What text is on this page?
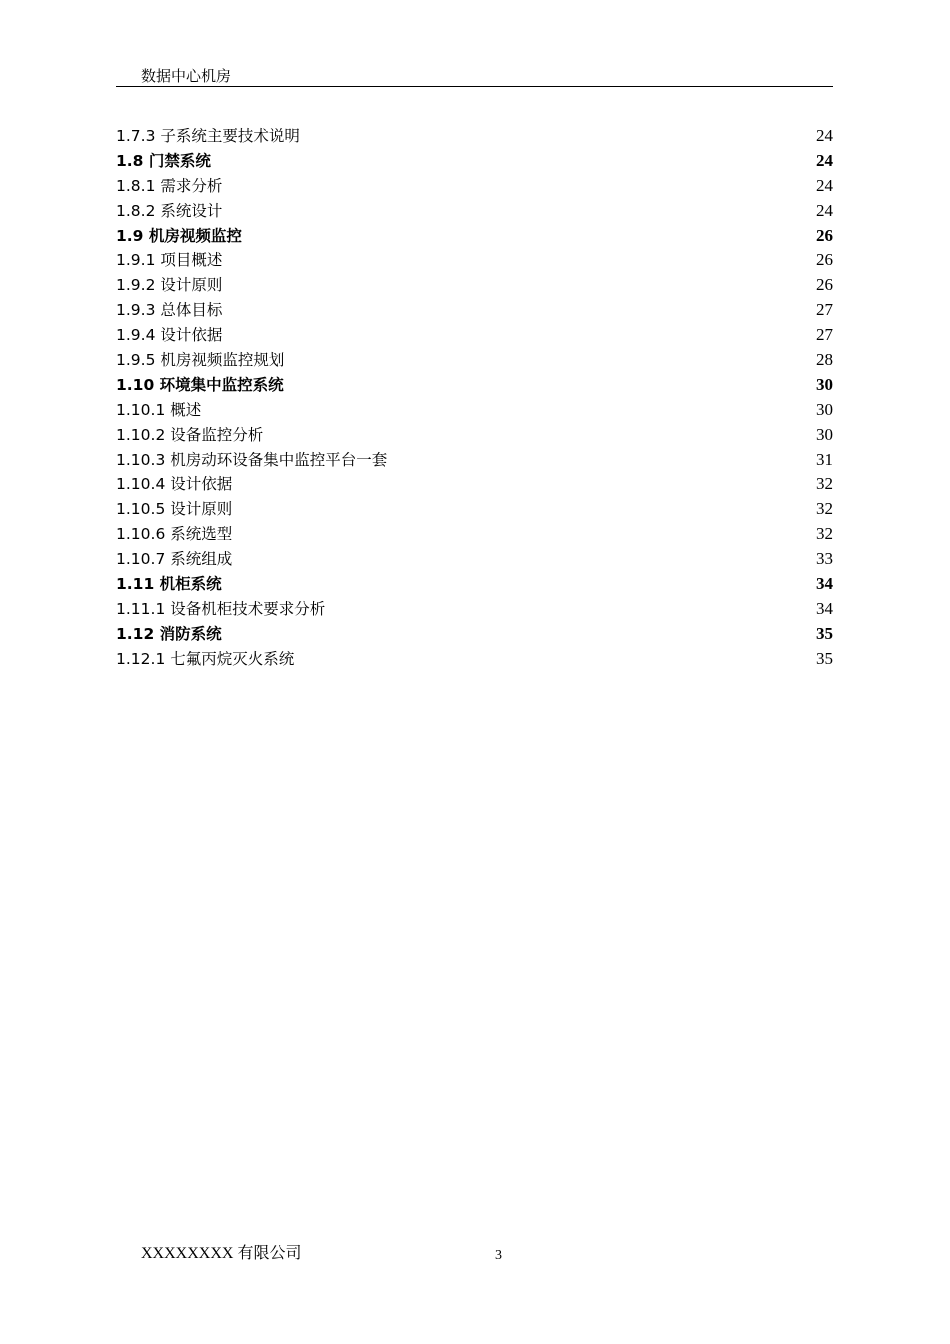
数据中心机房
1.7.3 子系统主要技术说明	24
1.8 门禁系统	24
1.8.1 需求分析	24
1.8.2 系统设计	24
1.9 机房视频监控	26
1.9.1 项目概述	26
1.9.2 设计原则	26
1.9.3 总体目标	27
1.9.4 设计依据	27
1.9.5 机房视频监控规划	28
1.10 环境集中监控系统	30
1.10.1 概述	30
1.10.2 设备监控分析	30
1.10.3 机房动环设备集中监控平台一套	31
1.10.4 设计依据	32
1.10.5 设计原则	32
1.10.6 系统选型	32
1.10.7 系统组成	33
1.11 机柜系统	34
1.11.1 设备机柜技术要求分析	34
1.12 消防系统	35
1.12.1 七氟丙烷灭火系统	35
XXXXXXXX 有限公司	3
